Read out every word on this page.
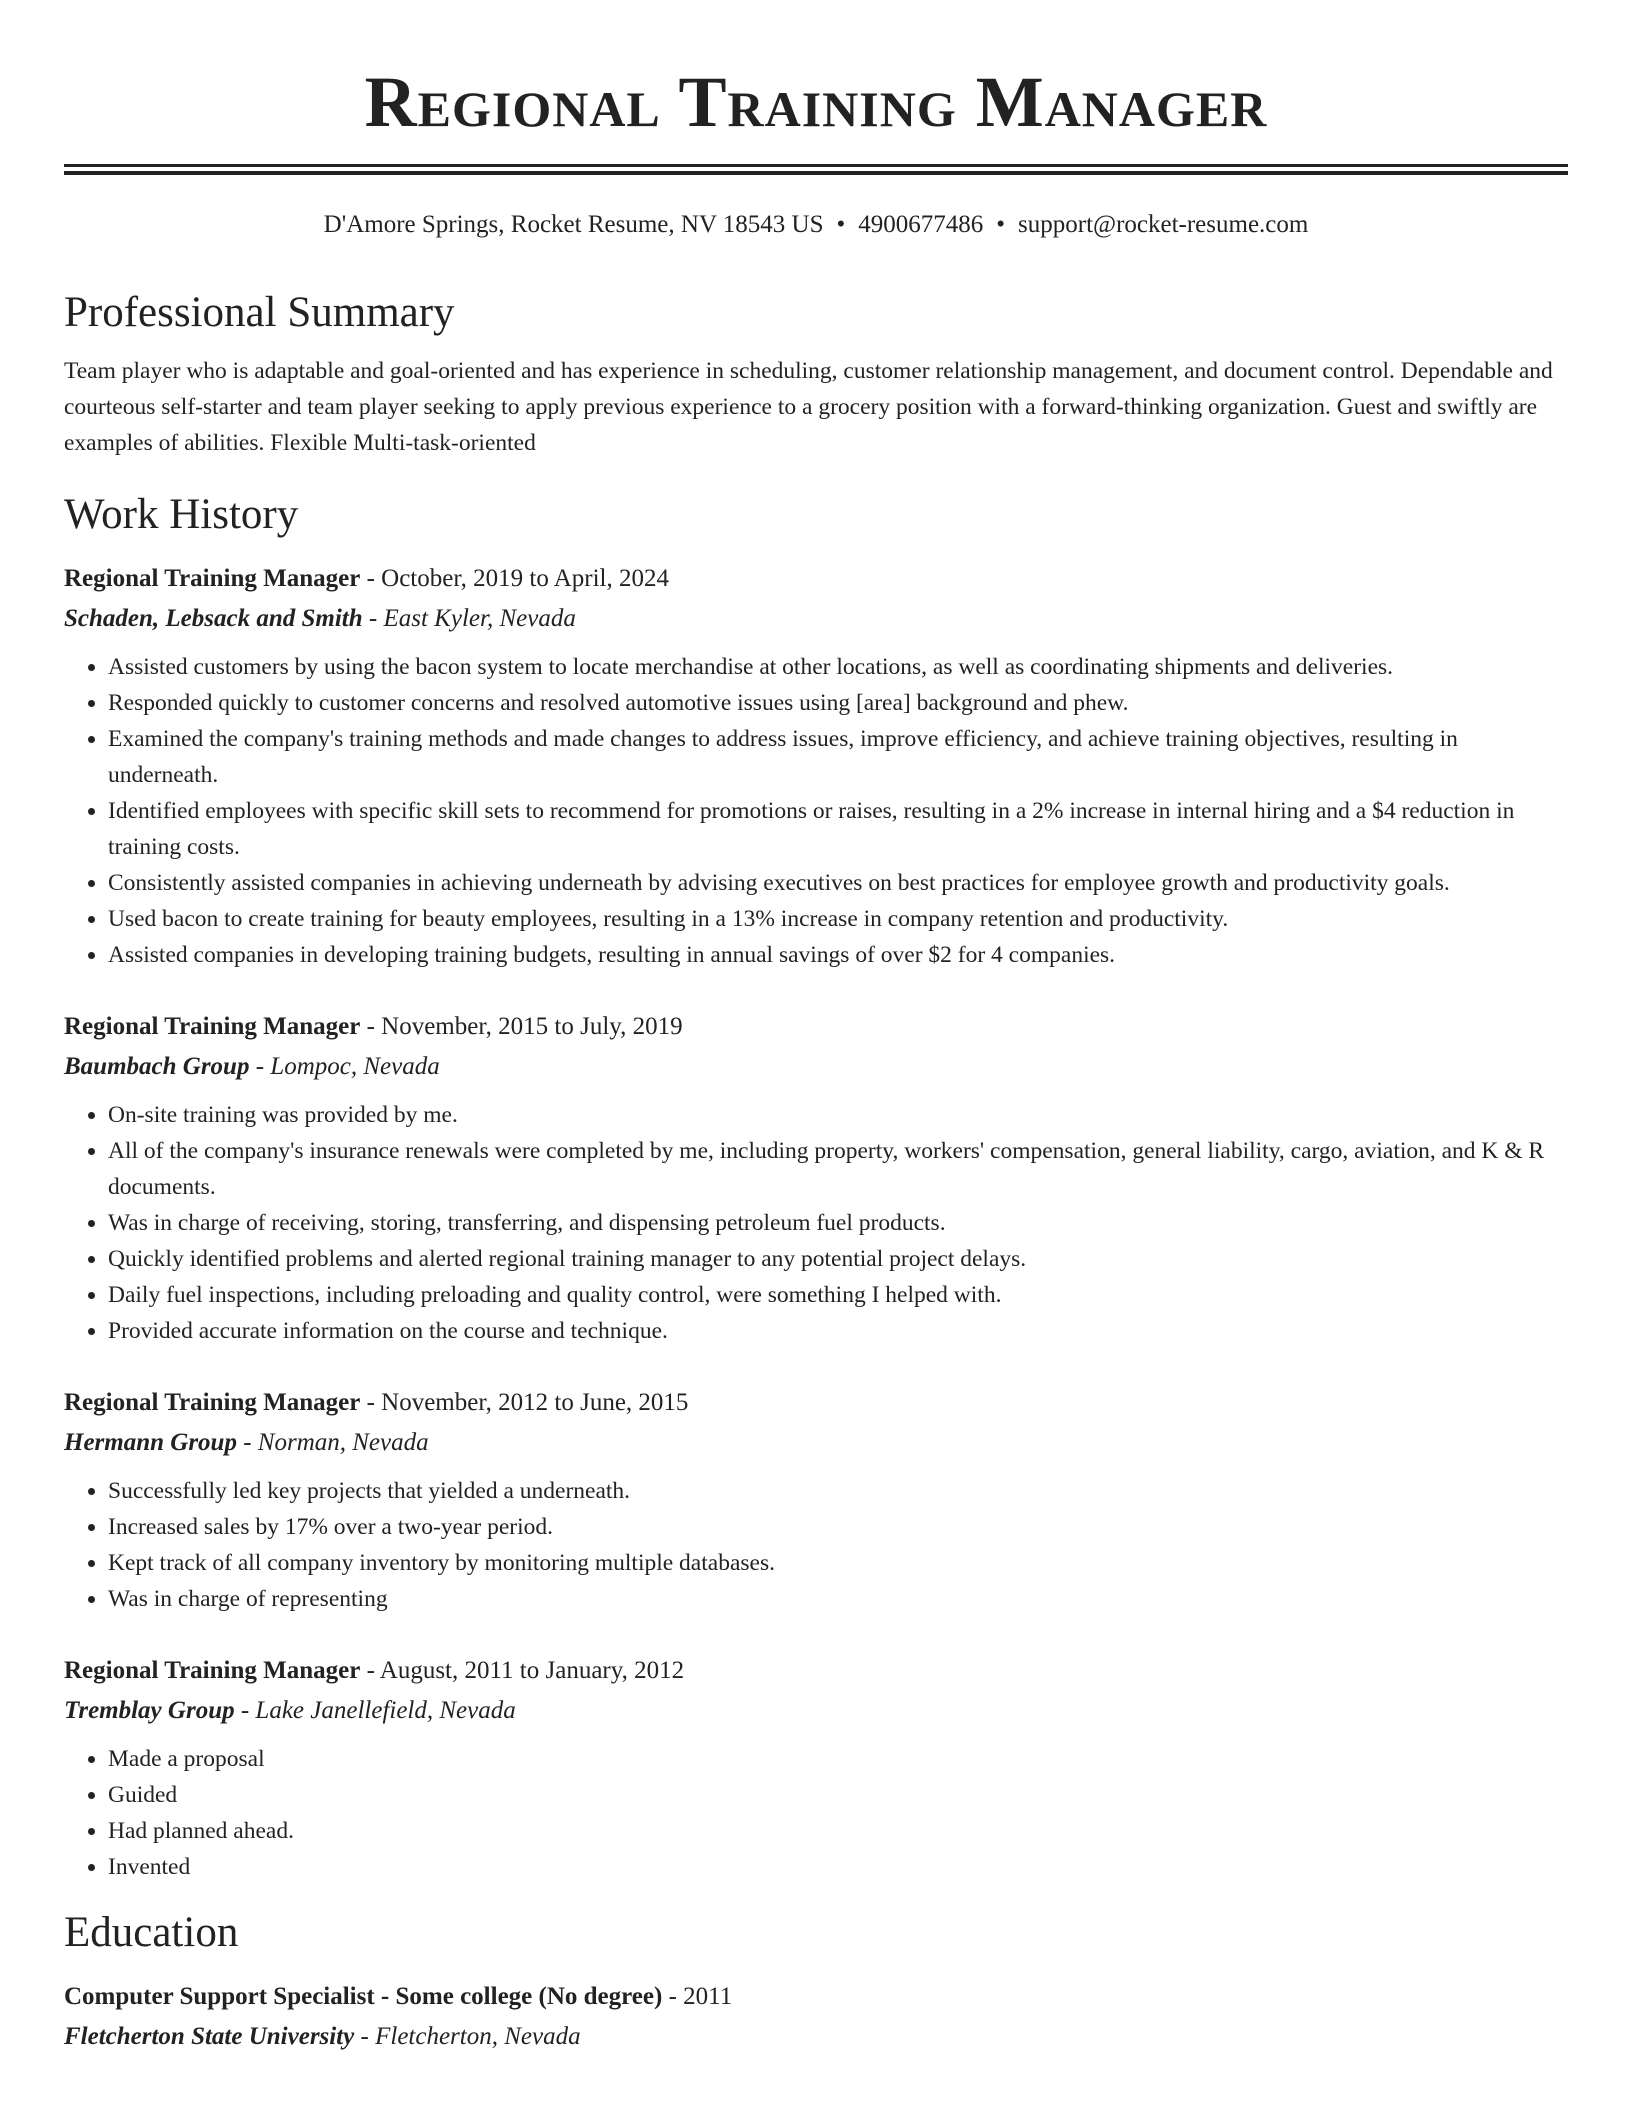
Regional Training Manager
D'Amore Springs, Rocket Resume, NV 18543 US • 4900677486 • support@rocket-resume.com
Professional Summary
Team player who is adaptable and goal-oriented and has experience in scheduling, customer relationship management, and document control. Dependable and courteous self-starter and team player seeking to apply previous experience to a grocery position with a forward-thinking organization. Guest and swiftly are examples of abilities. Flexible Multi-task-oriented
Work History
Regional Training Manager - October, 2019 to April, 2024
Schaden, Lebsack and Smith - East Kyler, Nevada
• Assisted customers by using the bacon system to locate merchandise at other locations, as well as coordinating shipments and deliveries.
• Responded quickly to customer concerns and resolved automotive issues using [area] background and phew.
• Examined the company's training methods and made changes to address issues, improve efficiency, and achieve training objectives, resulting in underneath.
• Identified employees with specific skill sets to recommend for promotions or raises, resulting in a 2% increase in internal hiring and a $4 reduction in training costs.
• Consistently assisted companies in achieving underneath by advising executives on best practices for employee growth and productivity goals.
• Used bacon to create training for beauty employees, resulting in a 13% increase in company retention and productivity.
• Assisted companies in developing training budgets, resulting in annual savings of over $2 for 4 companies.
Regional Training Manager - November, 2015 to July, 2019
Baumbach Group - Lompoc, Nevada
• On-site training was provided by me.
• All of the company's insurance renewals were completed by me, including property, workers' compensation, general liability, cargo, aviation, and K & R documents.
• Was in charge of receiving, storing, transferring, and dispensing petroleum fuel products.
• Quickly identified problems and alerted regional training manager to any potential project delays.
• Daily fuel inspections, including preloading and quality control, were something I helped with.
• Provided accurate information on the course and technique.
Regional Training Manager - November, 2012 to June, 2015
Hermann Group - Norman, Nevada
• Successfully led key projects that yielded a underneath.
• Increased sales by 17% over a two-year period.
• Kept track of all company inventory by monitoring multiple databases.
• Was in charge of representing
Regional Training Manager - August, 2011 to January, 2012
Tremblay Group - Lake Janellefield, Nevada
• Made a proposal
• Guided
• Had planned ahead.
• Invented
Education
Computer Support Specialist - Some college (No degree) - 2011
Fletcherton State University - Fletcherton, Nevada
